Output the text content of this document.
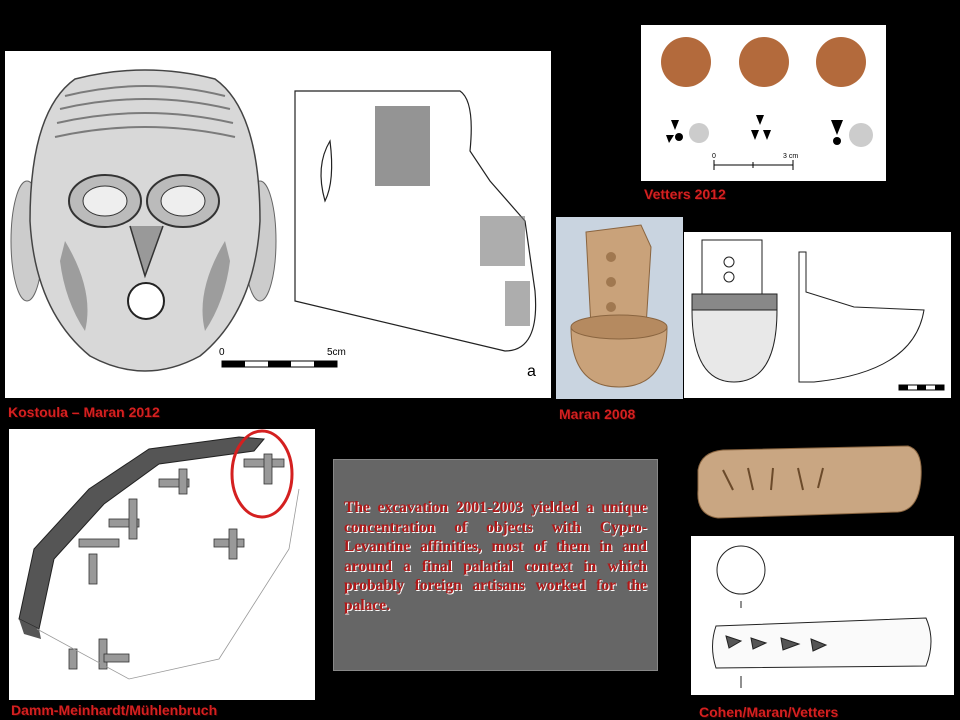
0	5cm
a
Kostoula – Maran 2012
0	3 cm
Vetters 2012
Maran 2008
Damm-Meinhardt/Mühlenbruch

The excavation 2001-2003 yielded a unique concentration of objects with Cypro-Levantine affinities, most of them in and around a final palatial context in which probably foreign artisans worked for the palace.

Cohen/Maran/Vetters
